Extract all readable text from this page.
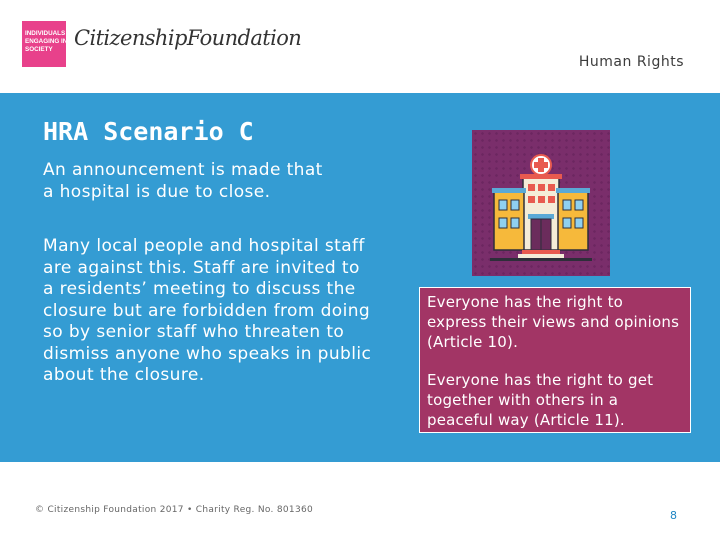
INDIVIDUALS
ENGAGING IN
SOCIETY	CitizenshipFoundation
Human Rights
HRA Scenario C

An announcement is made that a hospital is due to close.

Many local people and hospital staff are against this. Staff are invited to a residents’ meeting to discuss the closure but are forbidden from doing so by senior staff who threaten to dismiss anyone who speaks in public about the closure.

Everyone has the right to express their views and opinions (Article 10).

Everyone has the right to get together with others in a peaceful way (Article 11).

© Citizenship Foundation 2017 • Charity Reg. No. 801360	8
